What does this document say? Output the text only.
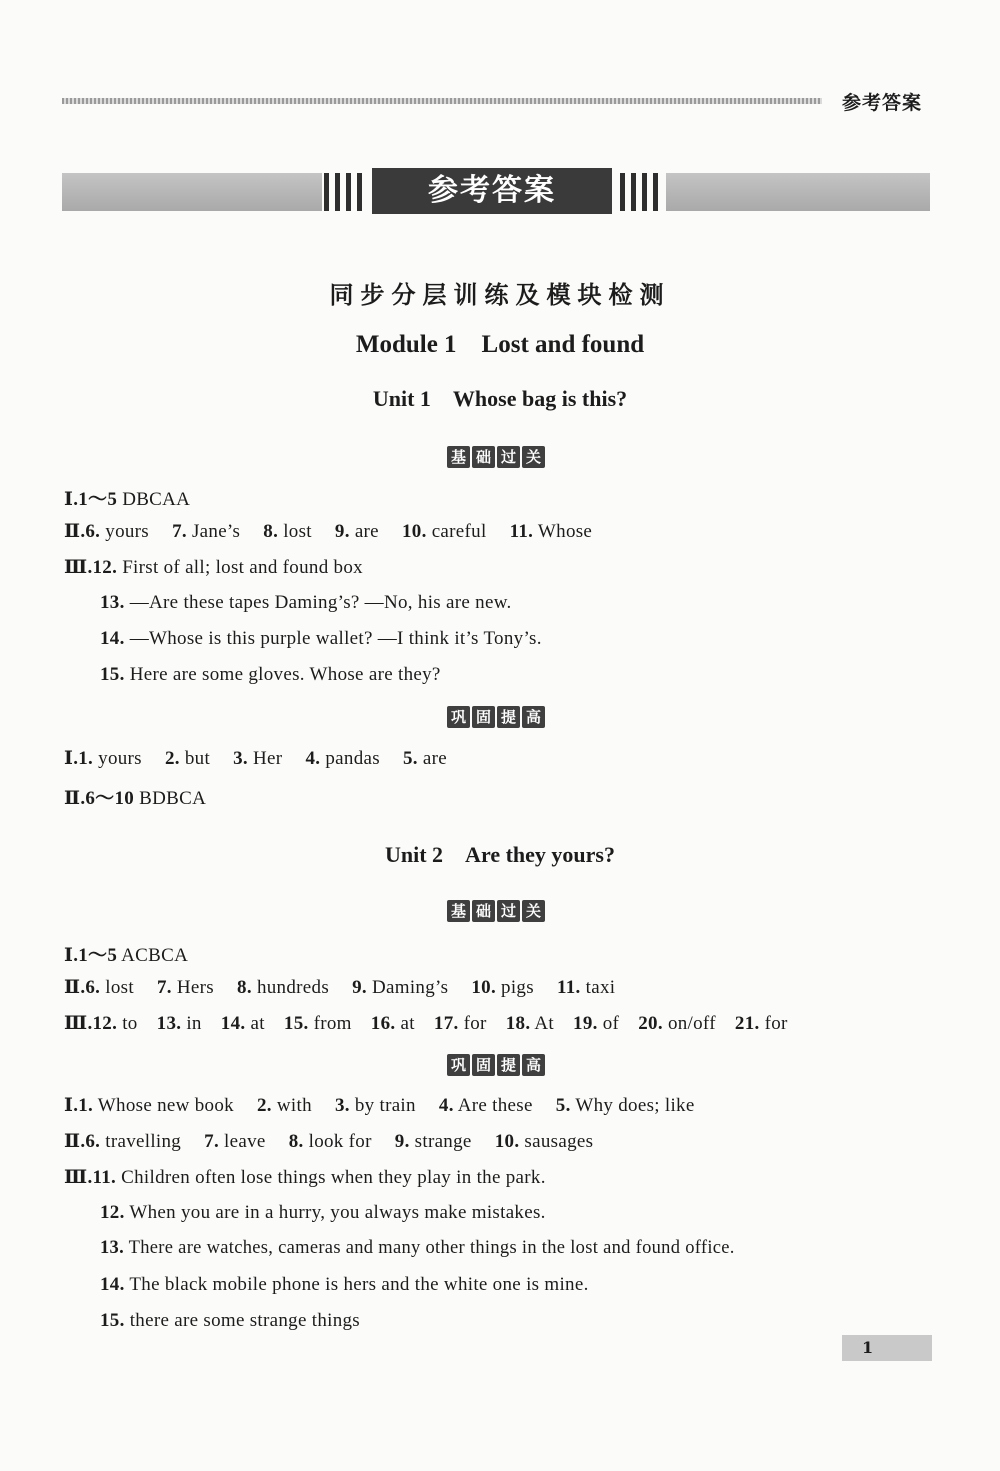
参考答案
参考答案
同步分层训练及模块检测
Module 1　Lost and found
Unit 1　Whose bag is this?
基 础 过 关
Ⅰ.1～5 DBCAA
Ⅱ.6. yours 7. Jane’s 8. lost 9. are 10. careful 11. Whose
Ⅲ.12. First of all; lost and found box
13. —Are these tapes Daming’s? —No, his are new.
14. —Whose is this purple wallet? —I think it’s Tony’s.
15. Here are some gloves. Whose are they?
巩 固 提 高
Ⅰ.1. yours 2. but 3. Her 4. pandas 5. are
Ⅱ.6～10 BDBCA
Unit 2　Are they yours?
基 础 过 关
Ⅰ.1～5 ACBCA
Ⅱ.6. lost 7. Hers 8. hundreds 9. Daming’s 10. pigs 11. taxi
Ⅲ.12. to 13. in 14. at 15. from 16. at 17. for 18. At 19. of 20. on/off 21. for
巩 固 提 高
Ⅰ.1. Whose new book 2. with 3. by train 4. Are these 5. Why does; like
Ⅱ.6. travelling 7. leave 8. look for 9. strange 10. sausages
Ⅲ.11. Children often lose things when they play in the park.
12. When you are in a hurry, you always make mistakes.
13. There are watches, cameras and many other things in the lost and found office.
14. The black mobile phone is hers and the white one is mine.
15. there are some strange things
1
